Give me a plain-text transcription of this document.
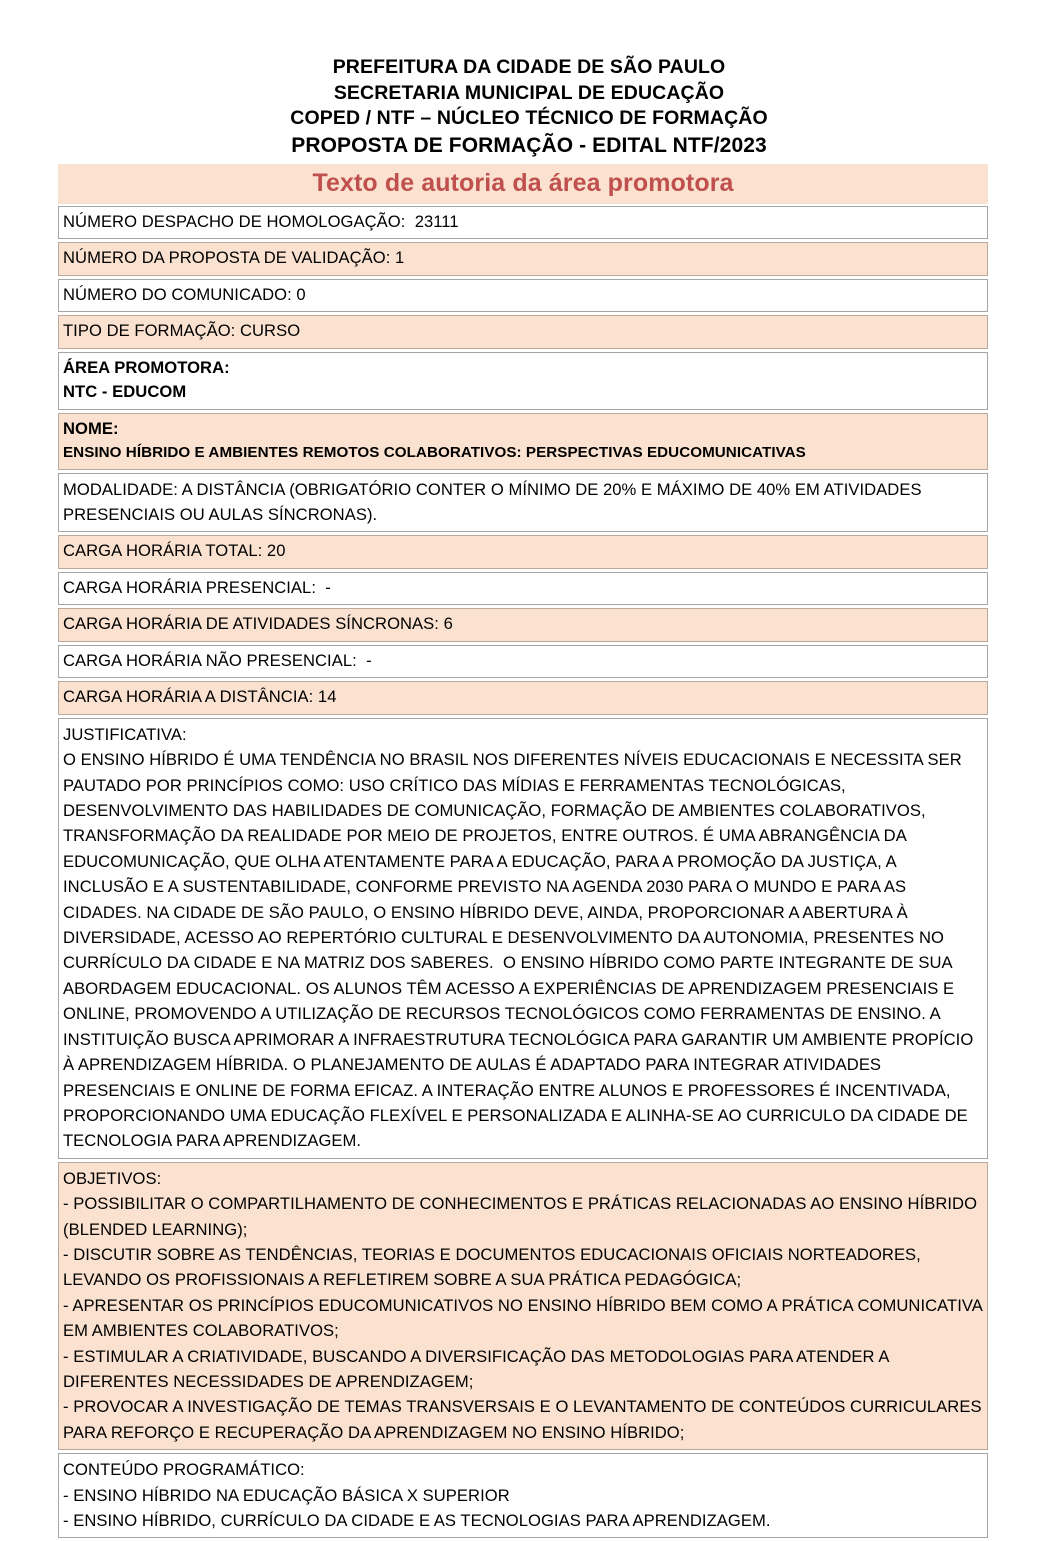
PREFEITURA DA CIDADE DE SÃO PAULO
SECRETARIA MUNICIPAL DE EDUCAÇÃO
COPED / NTF – NÚCLEO TÉCNICO DE FORMAÇÃO
PROPOSTA DE FORMAÇÃO - EDITAL NTF/2023
Texto de autoria da área promotora
NÚMERO DESPACHO DE HOMOLOGAÇÃO:  23111
NÚMERO DA PROPOSTA DE VALIDAÇÃO: 1
NÚMERO DO COMUNICADO: 0
TIPO DE FORMAÇÃO: CURSO
ÁREA PROMOTORA:
NTC - EDUCOM
NOME:
ENSINO HÍBRIDO E AMBIENTES REMOTOS COLABORATIVOS: PERSPECTIVAS EDUCOMUNICATIVAS
MODALIDADE: A DISTÂNCIA (OBRIGATÓRIO CONTER O MÍNIMO DE 20% E MÁXIMO DE 40% EM ATIVIDADES PRESENCIAIS OU AULAS SÍNCRONAS).
CARGA HORÁRIA TOTAL: 20
CARGA HORÁRIA PRESENCIAL:  -
CARGA HORÁRIA DE ATIVIDADES SÍNCRONAS: 6
CARGA HORÁRIA NÃO PRESENCIAL:  -
CARGA HORÁRIA A DISTÂNCIA: 14
JUSTIFICATIVA:
O ENSINO HÍBRIDO É UMA TENDÊNCIA NO BRASIL NOS DIFERENTES NÍVEIS EDUCACIONAIS E NECESSITA SER PAUTADO POR PRINCÍPIOS COMO: USO CRÍTICO DAS MÍDIAS E FERRAMENTAS TECNOLÓGICAS, DESENVOLVIMENTO DAS HABILIDADES DE COMUNICAÇÃO, FORMAÇÃO DE AMBIENTES COLABORATIVOS, TRANSFORMAÇÃO DA REALIDADE POR MEIO DE PROJETOS, ENTRE OUTROS. É UMA ABRANGÊNCIA DA EDUCOMUNICAÇÃO, QUE OLHA ATENTAMENTE PARA A EDUCAÇÃO, PARA A PROMOÇÃO DA JUSTIÇA, A INCLUSÃO E A SUSTENTABILIDADE, CONFORME PREVISTO NA AGENDA 2030 PARA O MUNDO E PARA AS CIDADES. NA CIDADE DE SÃO PAULO, O ENSINO HÍBRIDO DEVE, AINDA, PROPORCIONAR A ABERTURA À DIVERSIDADE, ACESSO AO REPERTÓRIO CULTURAL E DESENVOLVIMENTO DA AUTONOMIA, PRESENTES NO CURRÍCULO DA CIDADE E NA MATRIZ DOS SABERES.  O ENSINO HÍBRIDO COMO PARTE INTEGRANTE DE SUA ABORDAGEM EDUCACIONAL. OS ALUNOS TÊM ACESSO A EXPERIÊNCIAS DE APRENDIZAGEM PRESENCIAIS E ONLINE, PROMOVENDO A UTILIZAÇÃO DE RECURSOS TECNOLÓGICOS COMO FERRAMENTAS DE ENSINO. A INSTITUIÇÃO BUSCA APRIMORAR A INFRAESTRUTURA TECNOLÓGICA PARA GARANTIR UM AMBIENTE PROPÍCIO À APRENDIZAGEM HÍBRIDA. O PLANEJAMENTO DE AULAS É ADAPTADO PARA INTEGRAR ATIVIDADES PRESENCIAIS E ONLINE DE FORMA EFICAZ. A INTERAÇÃO ENTRE ALUNOS E PROFESSORES É INCENTIVADA, PROPORCIONANDO UMA EDUCAÇÃO FLEXÍVEL E PERSONALIZADA E ALINHA-SE AO CURRICULO DA CIDADE DE TECNOLOGIA PARA APRENDIZAGEM.
OBJETIVOS:
- POSSIBILITAR O COMPARTILHAMENTO DE CONHECIMENTOS E PRÁTICAS RELACIONADAS AO ENSINO HÍBRIDO (BLENDED LEARNING);
- DISCUTIR SOBRE AS TENDÊNCIAS, TEORIAS E DOCUMENTOS EDUCACIONAIS OFICIAIS NORTEADORES, LEVANDO OS PROFISSIONAIS A REFLETIREM SOBRE A SUA PRÁTICA PEDAGÓGICA;
- APRESENTAR OS PRINCÍPIOS EDUCOMUNICATIVOS NO ENSINO HÍBRIDO BEM COMO A PRÁTICA COMUNICATIVA EM AMBIENTES COLABORATIVOS;
- ESTIMULAR A CRIATIVIDADE, BUSCANDO A DIVERSIFICAÇÃO DAS METODOLOGIAS PARA ATENDER A DIFERENTES NECESSIDADES DE APRENDIZAGEM;
- PROVOCAR A INVESTIGAÇÃO DE TEMAS TRANSVERSAIS E O LEVANTAMENTO DE CONTEÚDOS CURRICULARES PARA REFORÇO E RECUPERAÇÃO DA APRENDIZAGEM NO ENSINO HÍBRIDO;
CONTEÚDO PROGRAMÁTICO:
- ENSINO HÍBRIDO NA EDUCAÇÃO BÁSICA X SUPERIOR
- ENSINO HÍBRIDO, CURRÍCULO DA CIDADE E AS TECNOLOGIAS PARA APRENDIZAGEM.
